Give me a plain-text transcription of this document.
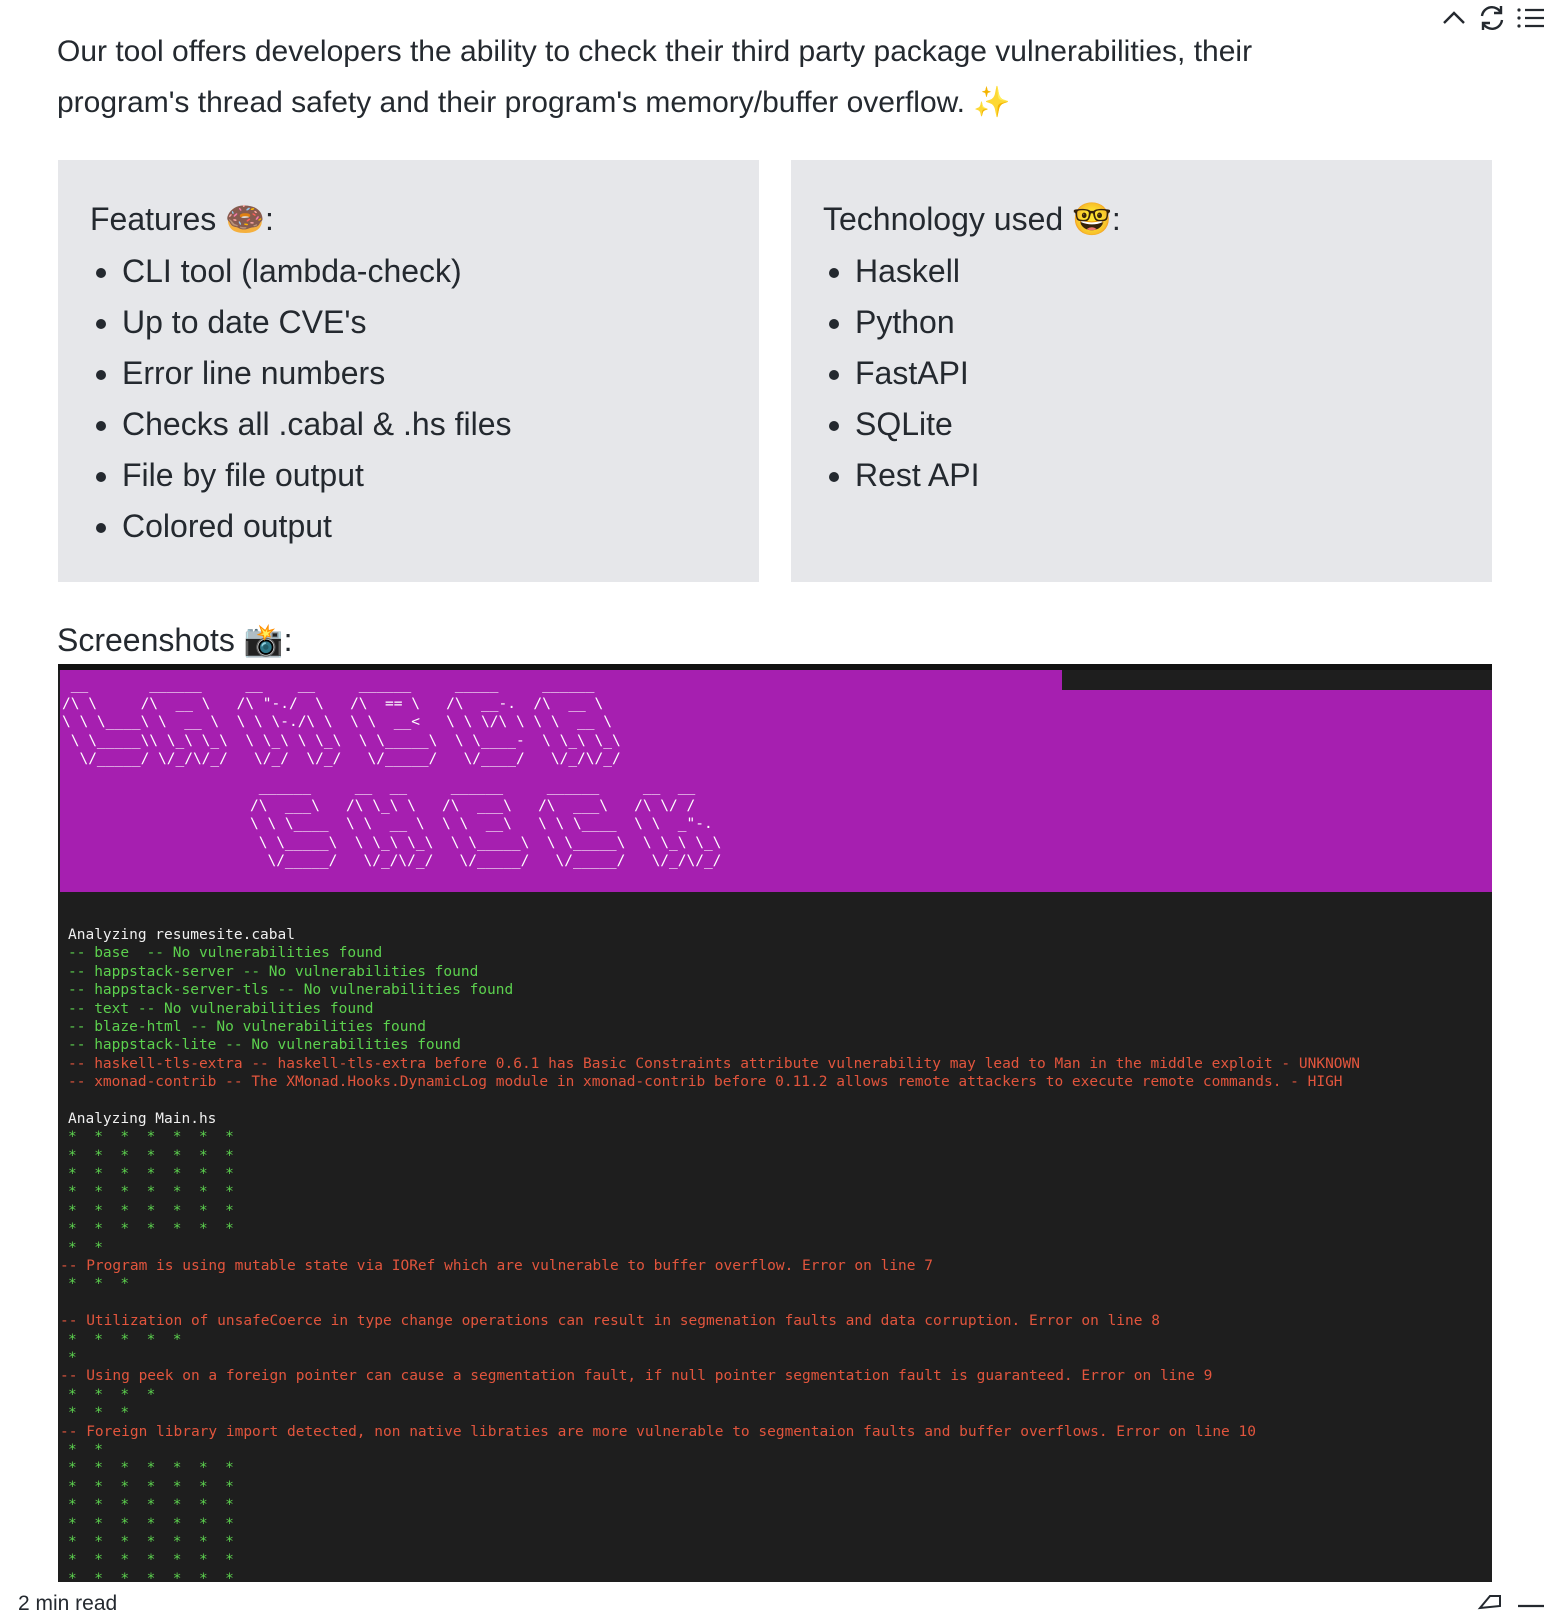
Our tool offers developers the ability to check their third party package vulnerabilities, their
program's thread safety and their program's memory/buffer overflow. ✨
Features 🍩:
• CLI tool (lambda-check)
• Up to date CVE's
• Error line numbers
• Checks all .cabal & .hs files
• File by file output
• Colored output
Technology used 🤓:
• Haskell
• Python
• FastAPI
• SQLite
• Rest API
Screenshots 📸:
__       ______     __    __     ______     _____     ______
/\ \     /\  __ \   /\ "-./  \   /\  == \   /\  __-.  /\  __ \
\ \ \____\ \  __ \  \ \ \-./\ \  \ \  __<   \ \ \/\ \ \ \  __ \
\ \_____\\ \_\ \_\  \ \_\ \ \_\  \ \_____\  \ \____-  \ \_\ \_\
\/_____/ \/_/\/_/   \/_/  \/_/   \/_____/   \/____/   \/_/\/_/
______     __  __     ______     ______     __  __
/\  ___\   /\ \_\ \   /\  ___\   /\  ___\   /\ \/ /
\ \ \____  \ \  __ \  \ \  __\   \ \ \____  \ \  _"-.
\ \_____\  \ \_\ \_\  \ \_____\  \ \_____\  \ \_\ \_\
\/_____/   \/_/\/_/   \/_____/   \/_____/   \/_/\/_/
Analyzing resumesite.cabal
-- base  -- No vulnerabilities found
-- happstack-server -- No vulnerabilities found
-- happstack-server-tls -- No vulnerabilities found
-- text -- No vulnerabilities found
-- blaze-html -- No vulnerabilities found
-- happstack-lite -- No vulnerabilities found
-- haskell-tls-extra -- haskell-tls-extra before 0.6.1 has Basic Constraints attribute vulnerability may lead to Man in the middle exploit - UNKNOWN
-- xmonad-contrib -- The XMonad.Hooks.DynamicLog module in xmonad-contrib before 0.11.2 allows remote attackers to execute remote commands. - HIGH
Analyzing Main.hs
*  *  *  *  *  *  *
*  *  *  *  *  *  *
*  *  *  *  *  *  *
*  *  *  *  *  *  *
*  *  *  *  *  *  *
*  *  *  *  *  *  *
*  *
-- Program is using mutable state via IORef which are vulnerable to buffer overflow. Error on line 7
*  *  *
-- Utilization of unsafeCoerce in type change operations can result in segmenation faults and data corruption. Error on line 8
*  *  *  *  *
*
-- Using peek on a foreign pointer can cause a segmentation fault, if null pointer segmentation fault is guaranteed. Error on line 9
*  *  *  *
*  *  *
-- Foreign library import detected, non native libraties are more vulnerable to segmentaion faults and buffer overflows. Error on line 10
*  *
*  *  *  *  *  *  *
*  *  *  *  *  *  *
*  *  *  *  *  *  *
*  *  *  *  *  *  *
*  *  *  *  *  *  *
*  *  *  *  *  *  *
*  *  *  *  *  *  *
2 min read
